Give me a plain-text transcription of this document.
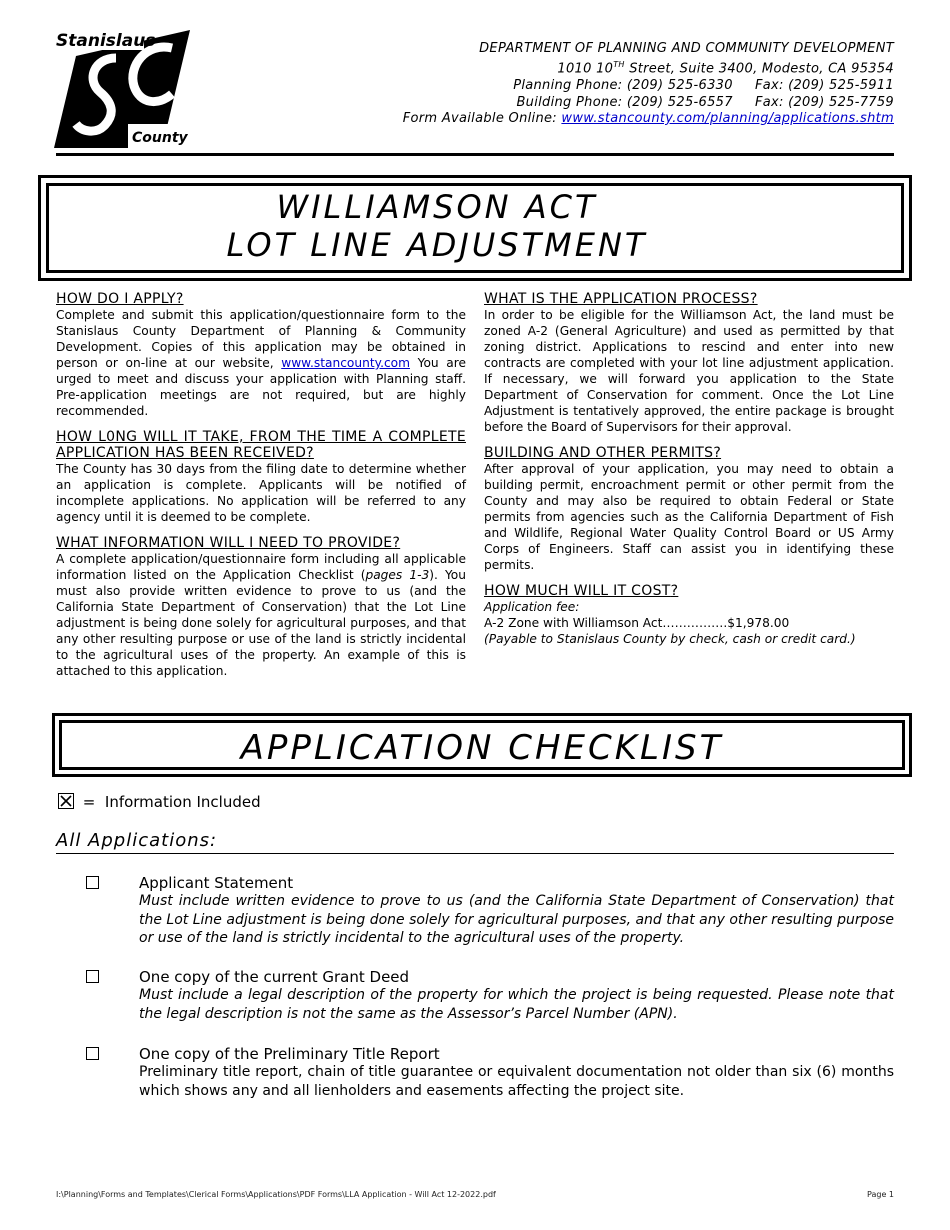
Stanislaus
County
DEPARTMENT OF PLANNING AND COMMUNITY DEVELOPMENT
1010 10TH Street, Suite 3400, Modesto, CA 95354
Planning Phone: (209) 525-6330 Fax: (209) 525-5911
Building Phone: (209) 525-6557 Fax: (209) 525-7759
Form Available Online: www.stancounty.com/planning/applications.shtm
WILLIAMSON ACT
LOT LINE ADJUSTMENT
HOW DO I APPLY?

Complete and submit this application/questionnaire form to the Stanislaus County Department of Planning & Community Development. Copies of this application may be obtained in person or on-line at our website, www.stancounty.com You are urged to meet and discuss your application with Planning staff. Pre-application meetings are not required, but are highly recommended.

HOW L0NG WILL IT TAKE, FROM THE TIME A COMPLETE APPLICATION HAS BEEN RECEIVED?

The County has 30 days from the filing date to determine whether an application is complete. Applicants will be notified of incomplete applications. No application will be referred to any agency until it is deemed to be complete.

WHAT INFORMATION WILL I NEED TO PROVIDE?

A complete application/questionnaire form including all applicable information listed on the Application Checklist (pages 1-3). You must also provide written evidence to prove to us (and the California State Department of Conservation) that the Lot Line adjustment is being done solely for agricultural purposes, and that any other resulting purpose or use of the land is strictly incidental to the agricultural uses of the property. An example of this is attached to this application.

WHAT IS THE APPLICATION PROCESS?

In order to be eligible for the Williamson Act, the land must be zoned A-2 (General Agriculture) and used as permitted by that zoning district. Applications to rescind and enter into new contracts are completed with your lot line adjustment application. If necessary, we will forward you application to the State Department of Conservation for comment. Once the Lot Line Adjustment is tentatively approved, the entire package is brought before the Board of Supervisors for their approval.

BUILDING AND OTHER PERMITS?

After approval of your application, you may need to obtain a building permit, encroachment permit or other permit from the County and may also be required to obtain Federal or State permits from agencies such as the California Department of Fish and Wildlife, Regional Water Quality Control Board or US Army Corps of Engineers. Staff can assist you in identifying these permits.

HOW MUCH WILL IT COST?
Application fee:
A-2 Zone with Williamson Act…………….$1,978.00
(Payable to Stanislaus County by check, cash or credit card.)
APPLICATION CHECKLIST
=  Information Included
All Applications:
Applicant Statement
Must include written evidence to prove to us (and the California State Department of Conservation) that the Lot Line adjustment is being done solely for agricultural purposes, and that any other resulting purpose or use of the land is strictly incidental to the agricultural uses of the property.
One copy of the current Grant Deed
Must include a legal description of the property for which the project is being requested. Please note that the legal description is not the same as the Assessor’s Parcel Number (APN).
One copy of the Preliminary Title Report
Preliminary title report, chain of title guarantee or equivalent documentation not older than six (6) months which shows any and all lienholders and easements affecting the project site.
I:\Planning\Forms and Templates\Clerical Forms\Applications\PDF Forms\LLA Application - Will Act 12-2022.pdf	Page 1
